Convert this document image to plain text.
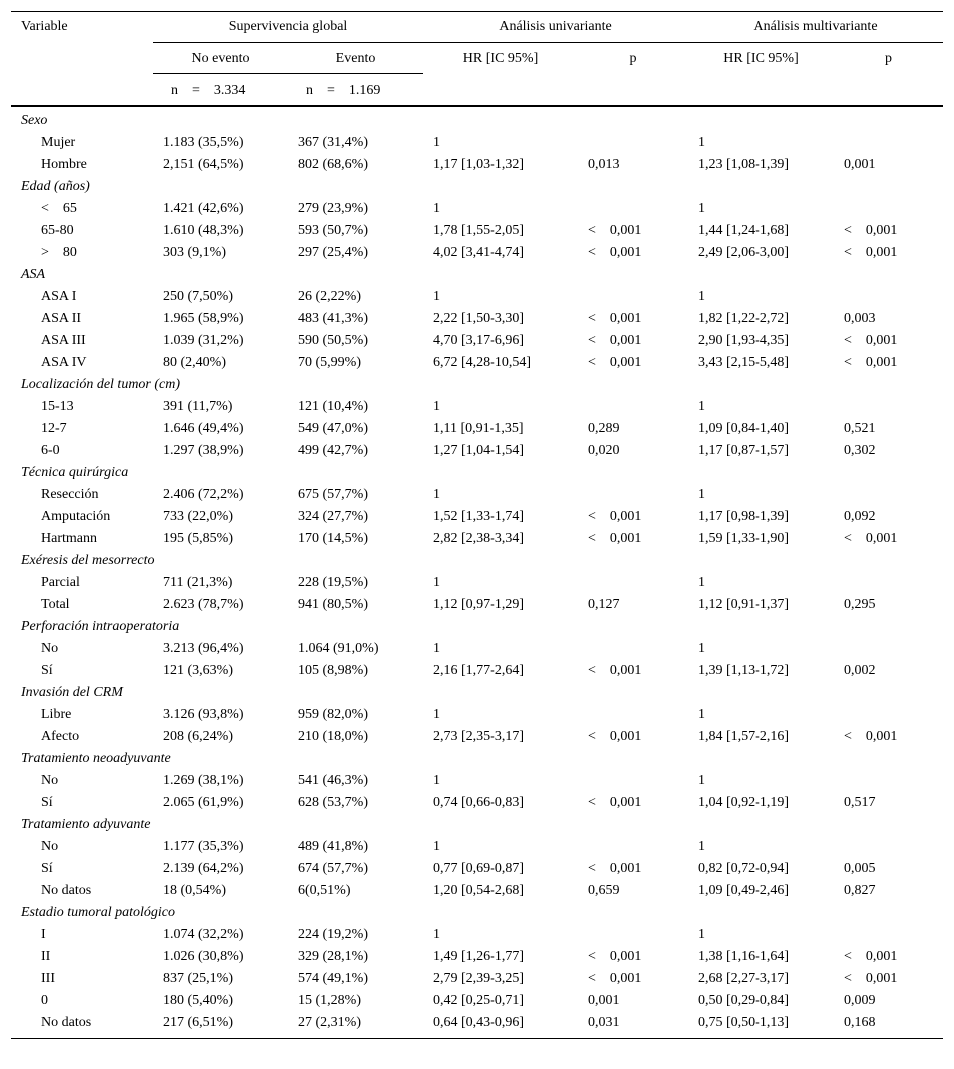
Variable	Supervivencia global		Análisis univariante		Análisis multivariante	
	No evento	Evento	HR [IC 95%]	p	HR [IC 95%]	p
	n    =    3.334	n    =    1.169				
Sexo						
Mujer	1.183 (35,5%)	367 (31,4%)	1		1	
Hombre	2,151 (64,5%)	802 (68,6%)	1,17 [1,03-1,32]	0,013	1,23 [1,08-1,39]	0,001
Edad (años)						
<    65	1.421 (42,6%)	279 (23,9%)	1		1	
65-80	1.610 (48,3%)	593 (50,7%)	1,78 [1,55-2,05]	<    0,001	1,44 [1,24-1,68]	<    0,001
>    80	303 (9,1%)	297 (25,4%)	4,02 [3,41-4,74]	<    0,001	2,49 [2,06-3,00]	<    0,001
ASA						
ASA I	250 (7,50%)	26 (2,22%)	1		1	
ASA II	1.965 (58,9%)	483 (41,3%)	2,22 [1,50-3,30]	<    0,001	1,82 [1,22-2,72]	0,003
ASA III	1.039 (31,2%)	590 (50,5%)	4,70 [3,17-6,96]	<    0,001	2,90 [1,93-4,35]	<    0,001
ASA IV	80 (2,40%)	70 (5,99%)	6,72 [4,28-10,54]	<    0,001	3,43 [2,15-5,48]	<    0,001
Localización del tumor (cm)						
15-13	391 (11,7%)	121 (10,4%)	1		1	
12-7	1.646 (49,4%)	549 (47,0%)	1,11 [0,91-1,35]	0,289	1,09 [0,84-1,40]	0,521
6-0	1.297 (38,9%)	499 (42,7%)	1,27 [1,04-1,54]	0,020	1,17 [0,87-1,57]	0,302
Técnica quirúrgica						
Resección	2.406 (72,2%)	675 (57,7%)	1		1	
Amputación	733 (22,0%)	324 (27,7%)	1,52 [1,33-1,74]	<    0,001	1,17 [0,98-1,39]	0,092
Hartmann	195 (5,85%)	170 (14,5%)	2,82 [2,38-3,34]	<    0,001	1,59 [1,33-1,90]	<    0,001
Exéresis del mesorrecto						
Parcial	711 (21,3%)	228 (19,5%)	1		1	
Total	2.623 (78,7%)	941 (80,5%)	1,12 [0,97-1,29]	0,127	1,12 [0,91-1,37]	0,295
Perforación intraoperatoria						
No	3.213 (96,4%)	1.064 (91,0%)	1		1	
Sí	121 (3,63%)	105 (8,98%)	2,16 [1,77-2,64]	<    0,001	1,39 [1,13-1,72]	0,002
Invasión del CRM						
Libre	3.126 (93,8%)	959 (82,0%)	1		1	
Afecto	208 (6,24%)	210 (18,0%)	2,73 [2,35-3,17]	<    0,001	1,84 [1,57-2,16]	<    0,001
Tratamiento neoadyuvante						
No	1.269 (38,1%)	541 (46,3%)	1		1	
Sí	2.065 (61,9%)	628 (53,7%)	0,74 [0,66-0,83]	<    0,001	1,04 [0,92-1,19]	0,517
Tratamiento adyuvante						
No	1.177 (35,3%)	489 (41,8%)	1		1	
Sí	2.139 (64,2%)	674 (57,7%)	0,77 [0,69-0,87]	<    0,001	0,82 [0,72-0,94]	0,005
No datos	18 (0,54%)	6(0,51%)	1,20 [0,54-2,68]	0,659	1,09 [0,49-2,46]	0,827
Estadio tumoral patológico						
I	1.074 (32,2%)	224 (19,2%)	1		1	
II	1.026 (30,8%)	329 (28,1%)	1,49 [1,26-1,77]	<    0,001	1,38 [1,16-1,64]	<    0,001
III	837 (25,1%)	574 (49,1%)	2,79 [2,39-3,25]	<    0,001	2,68 [2,27-3,17]	<    0,001
0	180 (5,40%)	15 (1,28%)	0,42 [0,25-0,71]	0,001	0,50 [0,29-0,84]	0,009
No datos	217 (6,51%)	27 (2,31%)	0,64 [0,43-0,96]	0,031	0,75 [0,50-1,13]	0,168
